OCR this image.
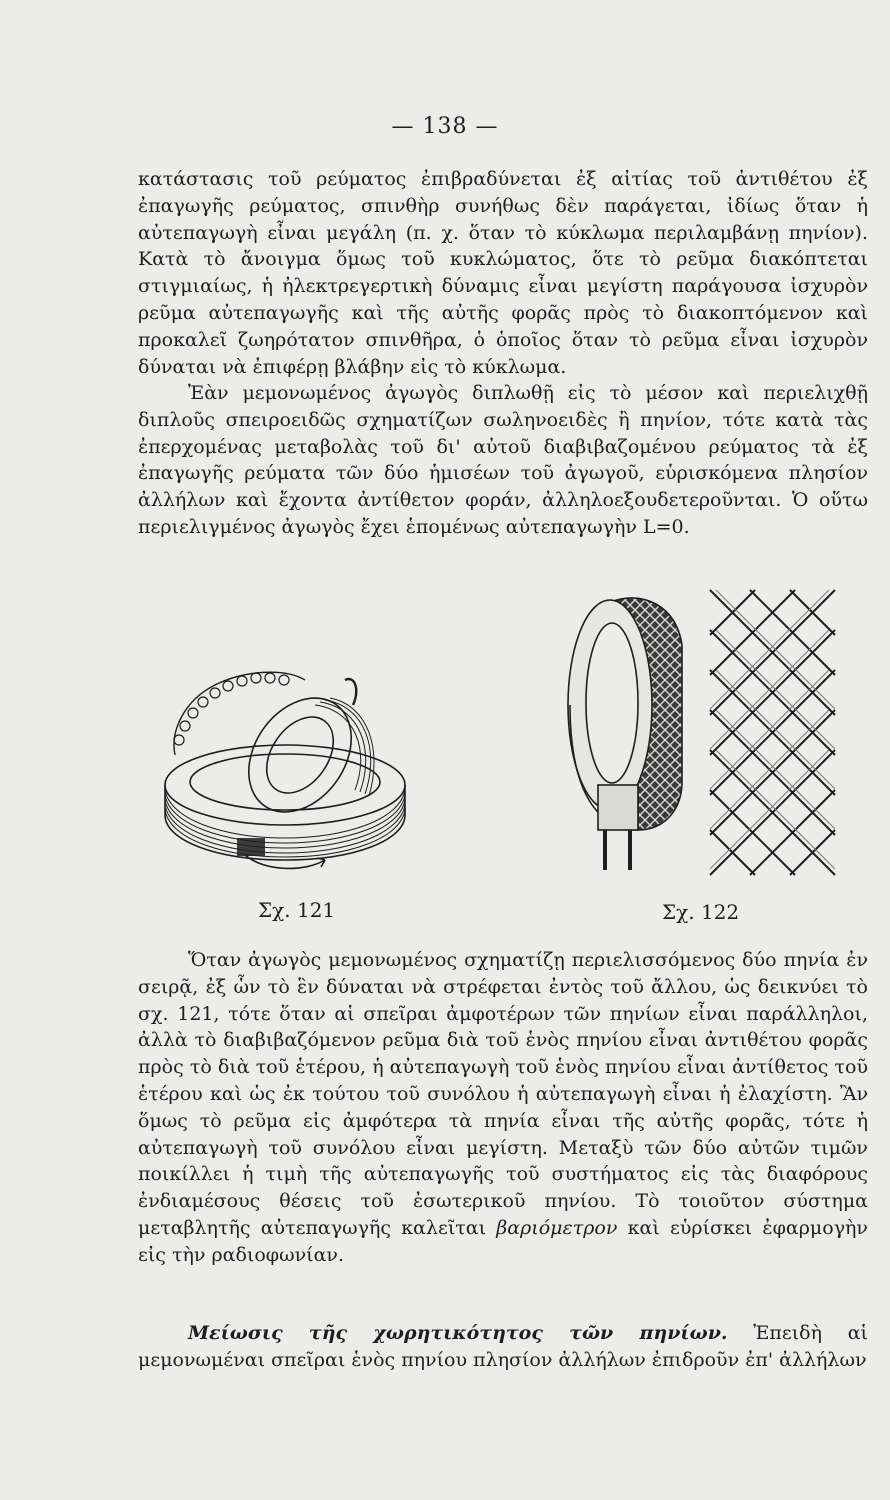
— 138 —

κατάστασις τοῦ ρεύματος ἐπιβραδύνεται ἐξ αἰτίας τοῦ ἀντιθέτου ἐξ ἐπαγωγῆς ρεύματος, σπινθὴρ συνήθως δὲν παράγεται, ἰδίως ὅταν ἡ αὐτεπαγωγὴ εἶναι μεγάλη (π. χ. ὅταν τὸ κύκλωμα περιλαμβάνῃ πηνίον). Κατὰ τὸ ἄνοιγμα ὅμως τοῦ κυκλώματος, ὅτε τὸ ρεῦμα διακόπτεται στιγμιαίως, ἡ ἠλεκτρεγερτικὴ δύναμις εἶναι μεγίστη παράγουσα ἰσχυρὸν ρεῦμα αὐτεπαγωγῆς καὶ τῆς αὐτῆς φορᾶς πρὸς τὸ διακοπτόμενον καὶ προκαλεῖ ζωηρότατον σπινθῆρα, ὁ ὁποῖος ὅταν τὸ ρεῦμα εἶναι ἰσχυρὸν δύναται νὰ ἐπιφέρῃ βλάβην εἰς τὸ κύκλωμα.

Ἐὰν μεμονωμένος ἀγωγὸς διπλωθῇ εἰς τὸ μέσον καὶ περιελιχθῇ διπλοῦς σπειροειδῶς σχηματίζων σωληνοειδὲς ἢ πηνίον, τότε κατὰ τὰς ἐπερχομένας μεταβολὰς τοῦ δι' αὐτοῦ διαβιβαζομένου ρεύματος τὰ ἐξ ἐπαγωγῆς ρεύματα τῶν δύο ἡμισέων τοῦ ἀγωγοῦ, εὑρισκόμενα πλησίον ἀλλήλων καὶ ἔχοντα ἀντίθετον φοράν, ἀλληλοεξουδετεροῦνται. Ὁ οὕτω περιελιγμένος ἀγωγὸς ἔχει ἑπομένως αὐτεπαγωγὴν L=0.

Σχ. 121	Σχ. 122

Ὅταν ἀγωγὸς μεμονωμένος σχηματίζῃ περιελισσόμενος δύο πηνία ἐν σειρᾷ, ἐξ ὧν τὸ ἓν δύναται νὰ στρέφεται ἐντὸς τοῦ ἄλλου, ὡς δεικνύει τὸ σχ. 121, τότε ὅταν αἱ σπεῖραι ἀμφοτέρων τῶν πηνίων εἶναι παράλληλοι, ἀλλὰ τὸ διαβιβαζόμενον ρεῦμα διὰ τοῦ ἑνὸς πηνίου εἶναι ἀντιθέτου φορᾶς πρὸς τὸ διὰ τοῦ ἑτέρου, ἡ αὐτεπαγωγὴ τοῦ ἑνὸς πηνίου εἶναι ἀντίθετος τοῦ ἑτέρου καὶ ὡς ἐκ τούτου τοῦ συνόλου ἡ αὐτεπαγωγὴ εἶναι ἡ ἐλαχίστη. Ἂν ὅμως τὸ ρεῦμα εἰς ἀμφότερα τὰ πηνία εἶναι τῆς αὐτῆς φορᾶς, τότε ἡ αὐτεπαγωγὴ τοῦ συνόλου εἶναι μεγίστη. Μεταξὺ τῶν δύο αὐτῶν τιμῶν ποικίλλει ἡ τιμὴ τῆς αὐτεπαγωγῆς τοῦ συστήματος εἰς τὰς διαφόρους ἐνδιαμέσους θέσεις τοῦ ἐσωτερικοῦ πηνίου. Τὸ τοιοῦτον σύστημα μεταβλητῆς αὐτεπαγωγῆς καλεῖται βαριόμετρον καὶ εὑρίσκει ἐφαρμογὴν εἰς τὴν ραδιοφωνίαν.

Μείωσις τῆς χωρητικότητος τῶν πηνίων. Ἐπειδὴ αἱ μεμονωμέναι σπεῖραι ἑνὸς πηνίου πλησίον ἀλλήλων ἐπιδροῦν ἐπ' ἀλλήλων
